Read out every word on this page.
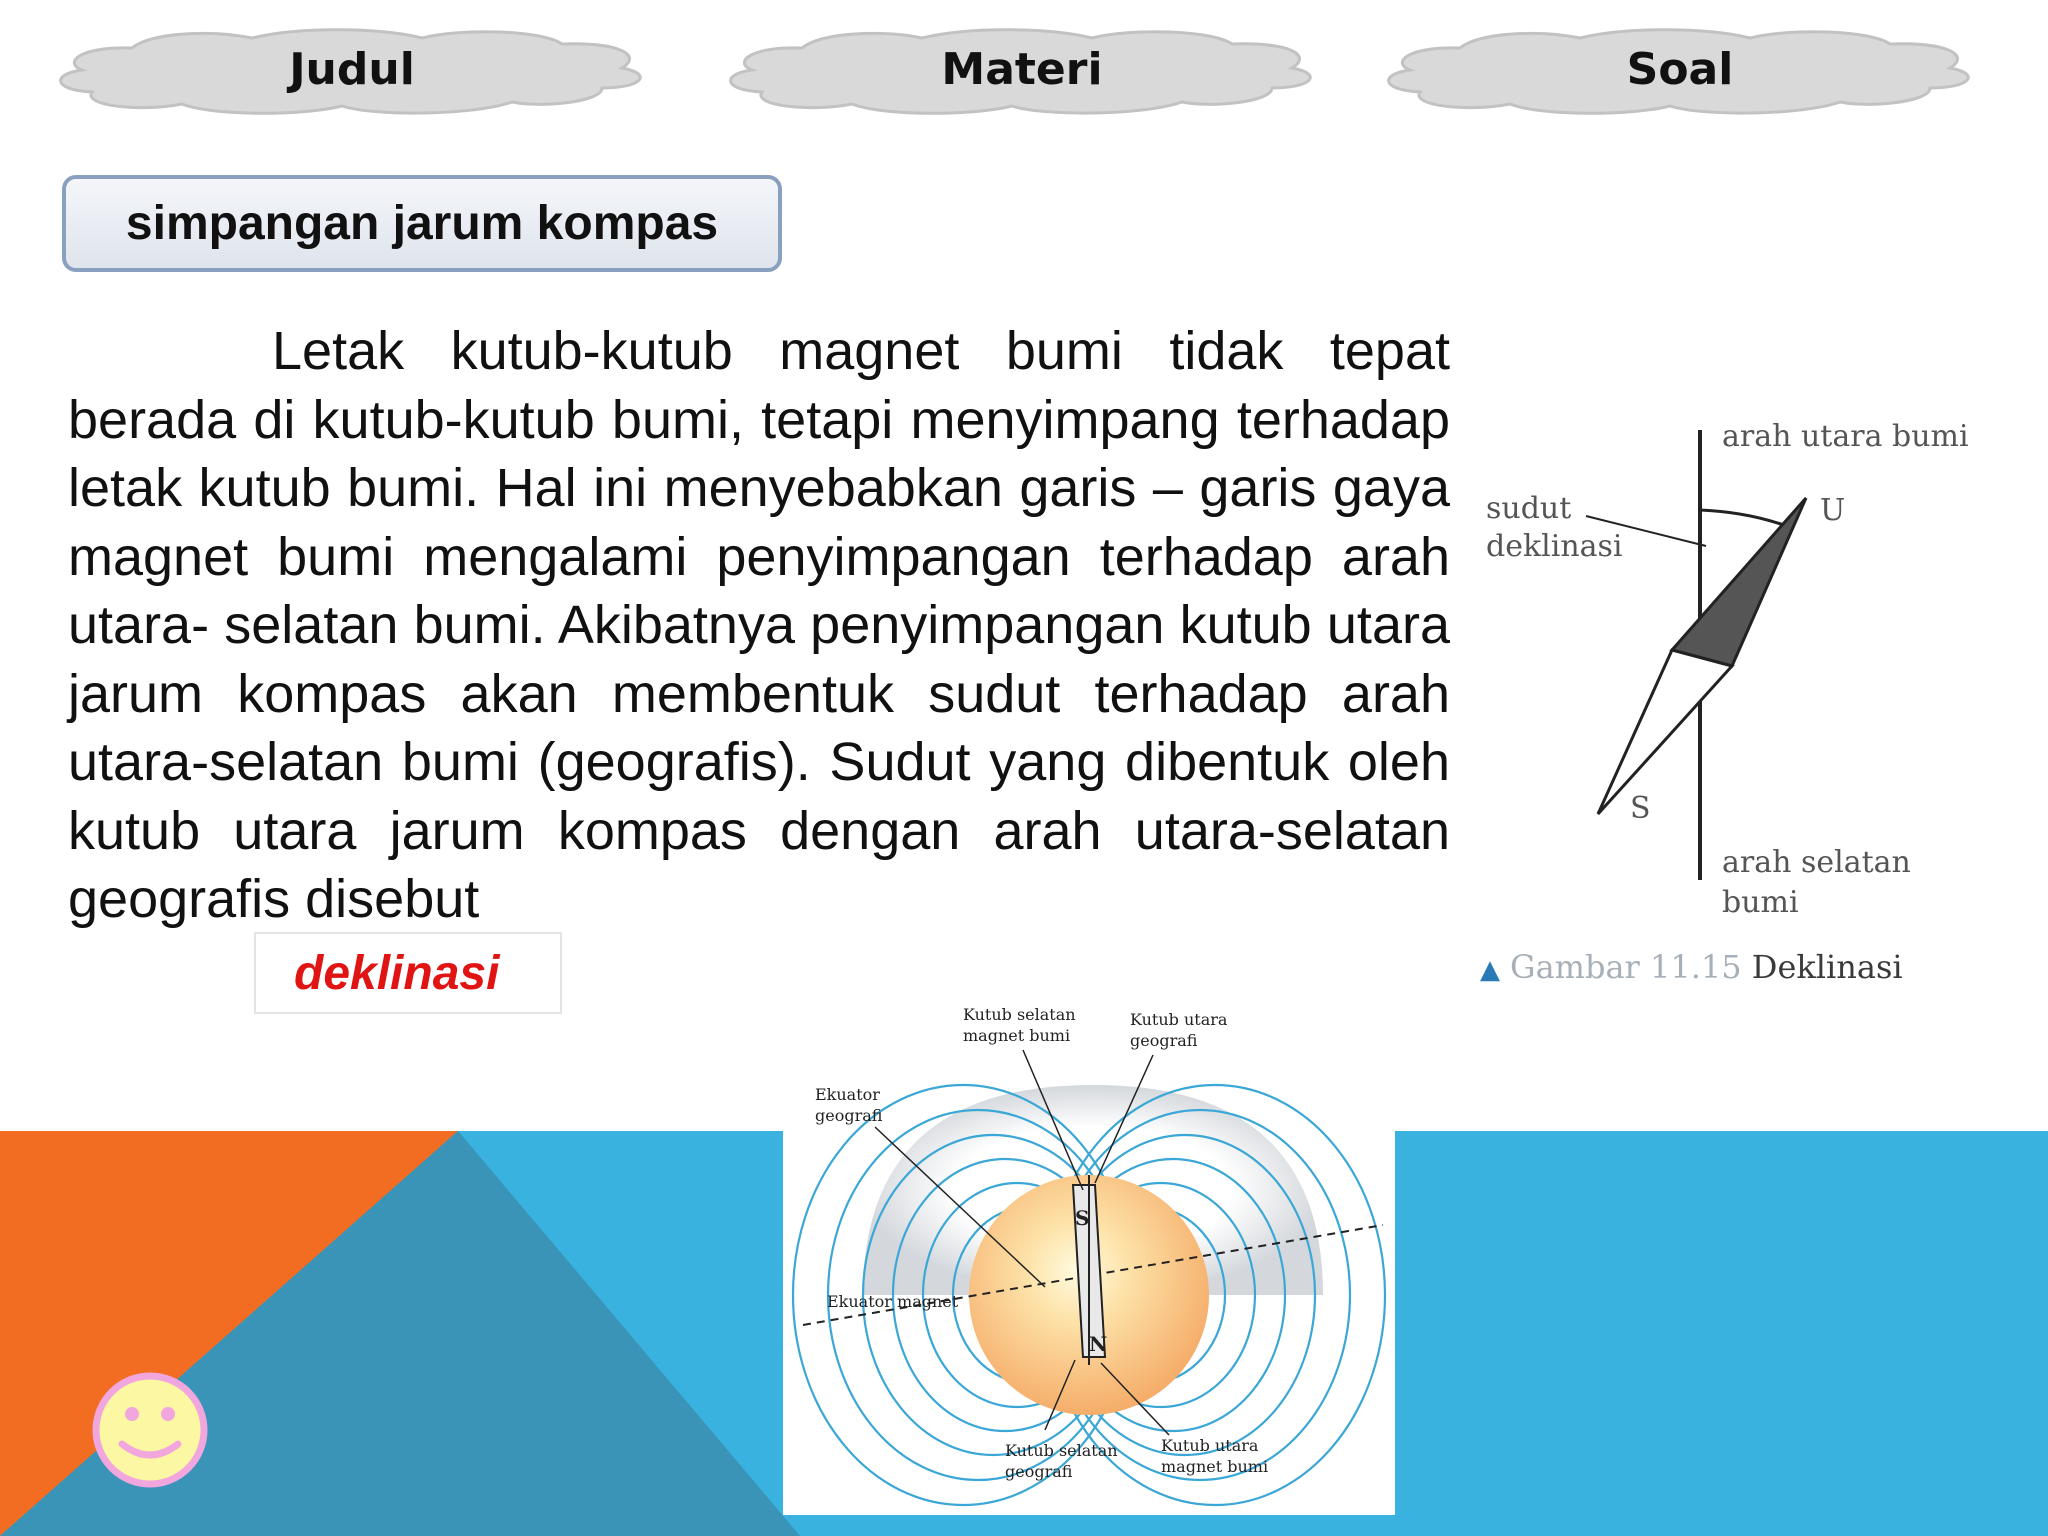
Judul	Materi	Soal
simpangan jarum kompas

Letak kutub-kutub magnet bumi tidak tepat berada di kutub-kutub bumi, tetapi menyimpang terhadap letak kutub bumi. Hal ini menyebabkan garis – garis gaya magnet bumi mengalami penyimpangan terhadap arah utara- selatan bumi. Akibatnya penyimpangan kutub utara jarum kompas akan membentuk sudut terhadap arah utara-selatan bumi (geografis). Sudut yang dibentuk oleh kutub utara jarum kompas dengan arah utara-selatan geografis disebut

deklinasi
arah utara bumi
sudut
deklinasi
U
S
arah selatan
bumi
▲ Gambar 11.15 Deklinasi
S
N
Kutub selatan
magnet bumi
Kutub utara
geografi
Ekuator
geografi
Ekuator magnet
Kutub selatan
geografi
Kutub utara
magnet bumi
